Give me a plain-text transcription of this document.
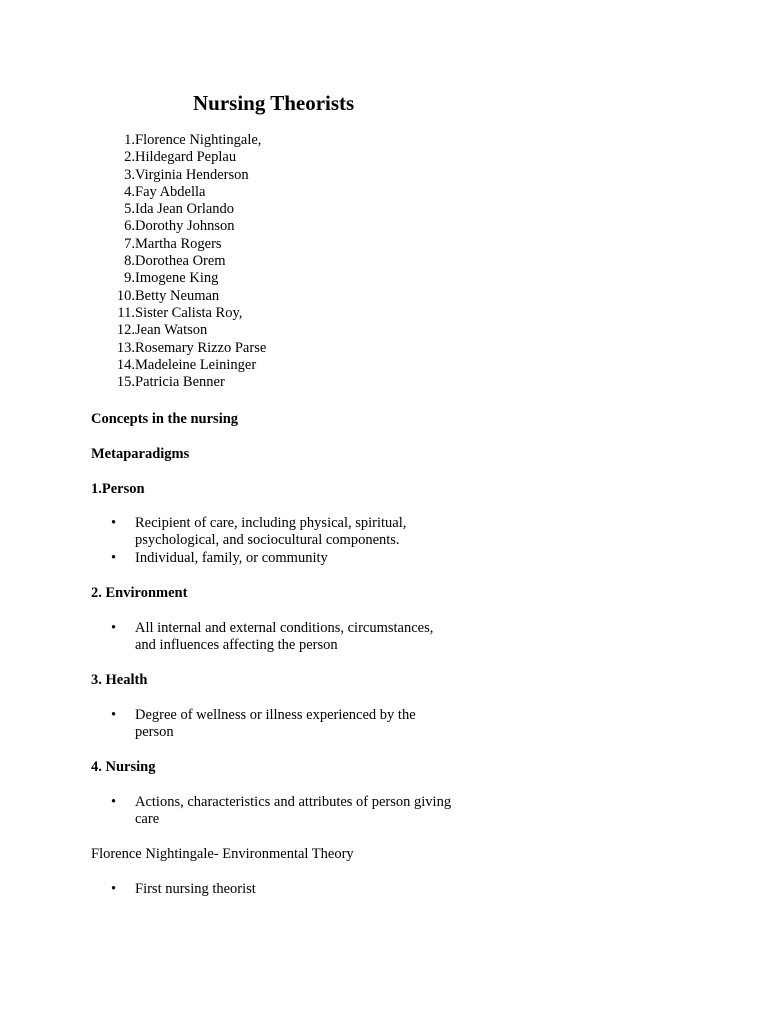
Nursing Theorists
1. Florence Nightingale,
2. Hildegard Peplau
3. Virginia Henderson
4. Fay Abdella
5. Ida Jean Orlando
6. Dorothy Johnson
7. Martha Rogers
8. Dorothea Orem
9. Imogene King
10. Betty Neuman
11. Sister Calista Roy,
12. Jean Watson
13. Rosemary Rizzo Parse
14. Madeleine Leininger
15. Patricia Benner

Concepts in the nursing

Metaparadigms

1.Person

• Recipient of care, including physical, spiritual,
psychological, and sociocultural components.
• Individual, family, or community

2. Environment

• All internal and external conditions, circumstances,
and influences affecting the person

3. Health

• Degree of wellness or illness experienced by the
person

4. Nursing

• Actions, characteristics and attributes of person giving
care

Florence Nightingale- Environmental Theory

• First nursing theorist
